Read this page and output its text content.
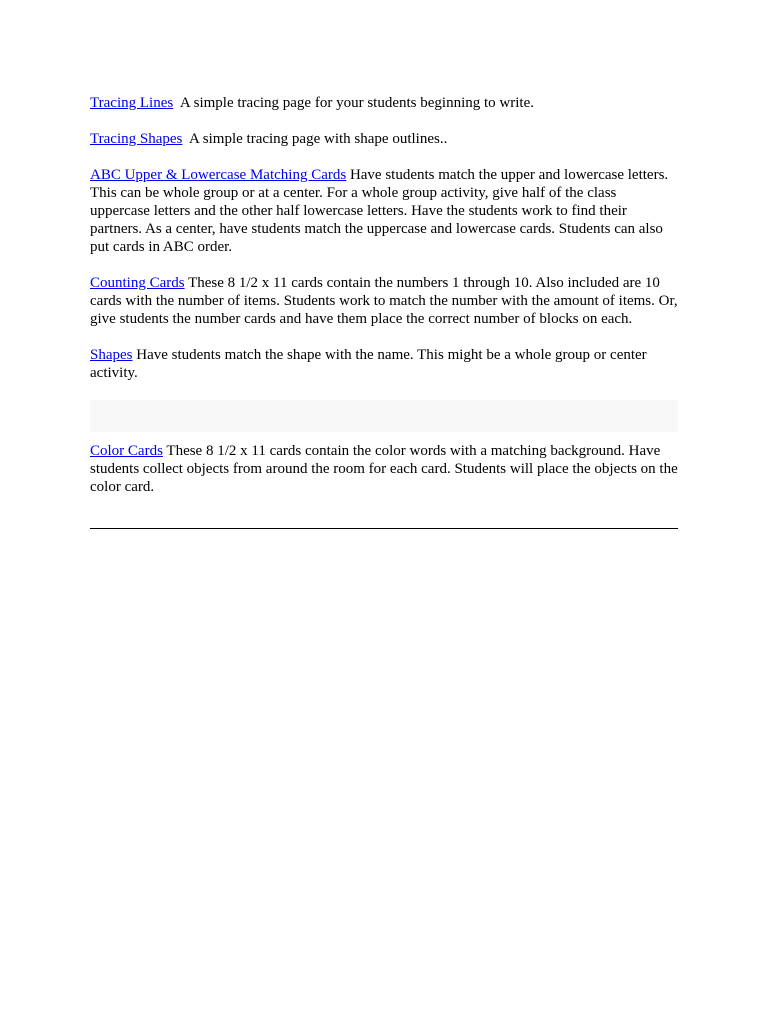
Tracing Lines  A simple tracing page for your students beginning to write.

Tracing Shapes  A simple tracing page with shape outlines..

ABC Upper & Lowercase Matching Cards Have students match the upper and lowercase letters. This can be whole group or at a center. For a whole group activity, give half of the class uppercase letters and the other half lowercase letters. Have the students work to find their partners. As a center, have students match the uppercase and lowercase cards. Students can also put cards in ABC order.

Counting Cards These 8 1/2 x 11 cards contain the numbers 1 through 10. Also included are 10 cards with the number of items. Students work to match the number with the amount of items. Or, give students the number cards and have them place the correct number of blocks on each.

Shapes Have students match the shape with the name. This might be a whole group or center activity.

Color Cards These 8 1/2 x 11 cards contain the color words with a matching background. Have students collect objects from around the room for each card. Students will place the objects on the color card.
